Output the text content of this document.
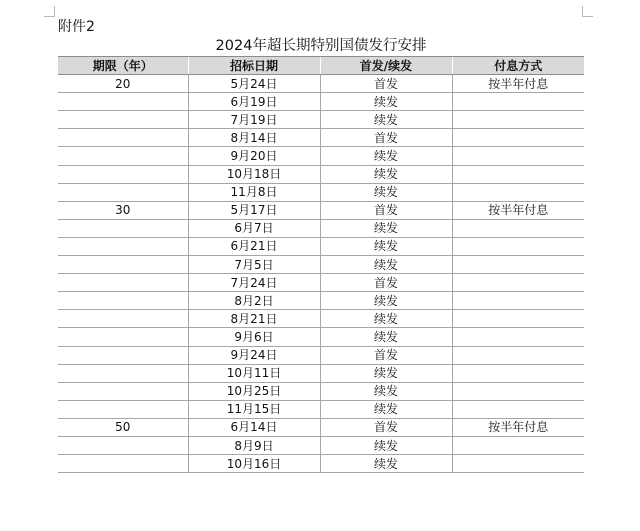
附件2
2024年超长期特别国债发行安排
期限（年）	招标日期	首发/续发	付息方式
20	5月24日	首发	按半年付息
	6月19日	续发	
	7月19日	续发	
	8月14日	首发	
	9月20日	续发	
	10月18日	续发	
	11月8日	续发	
30	5月17日	首发	按半年付息
	6月7日	续发	
	6月21日	续发	
	7月5日	续发	
	7月24日	首发	
	8月2日	续发	
	8月21日	续发	
	9月6日	续发	
	9月24日	首发	
	10月11日	续发	
	10月25日	续发	
	11月15日	续发	
50	6月14日	首发	按半年付息
	8月9日	续发	
	10月16日	续发	
